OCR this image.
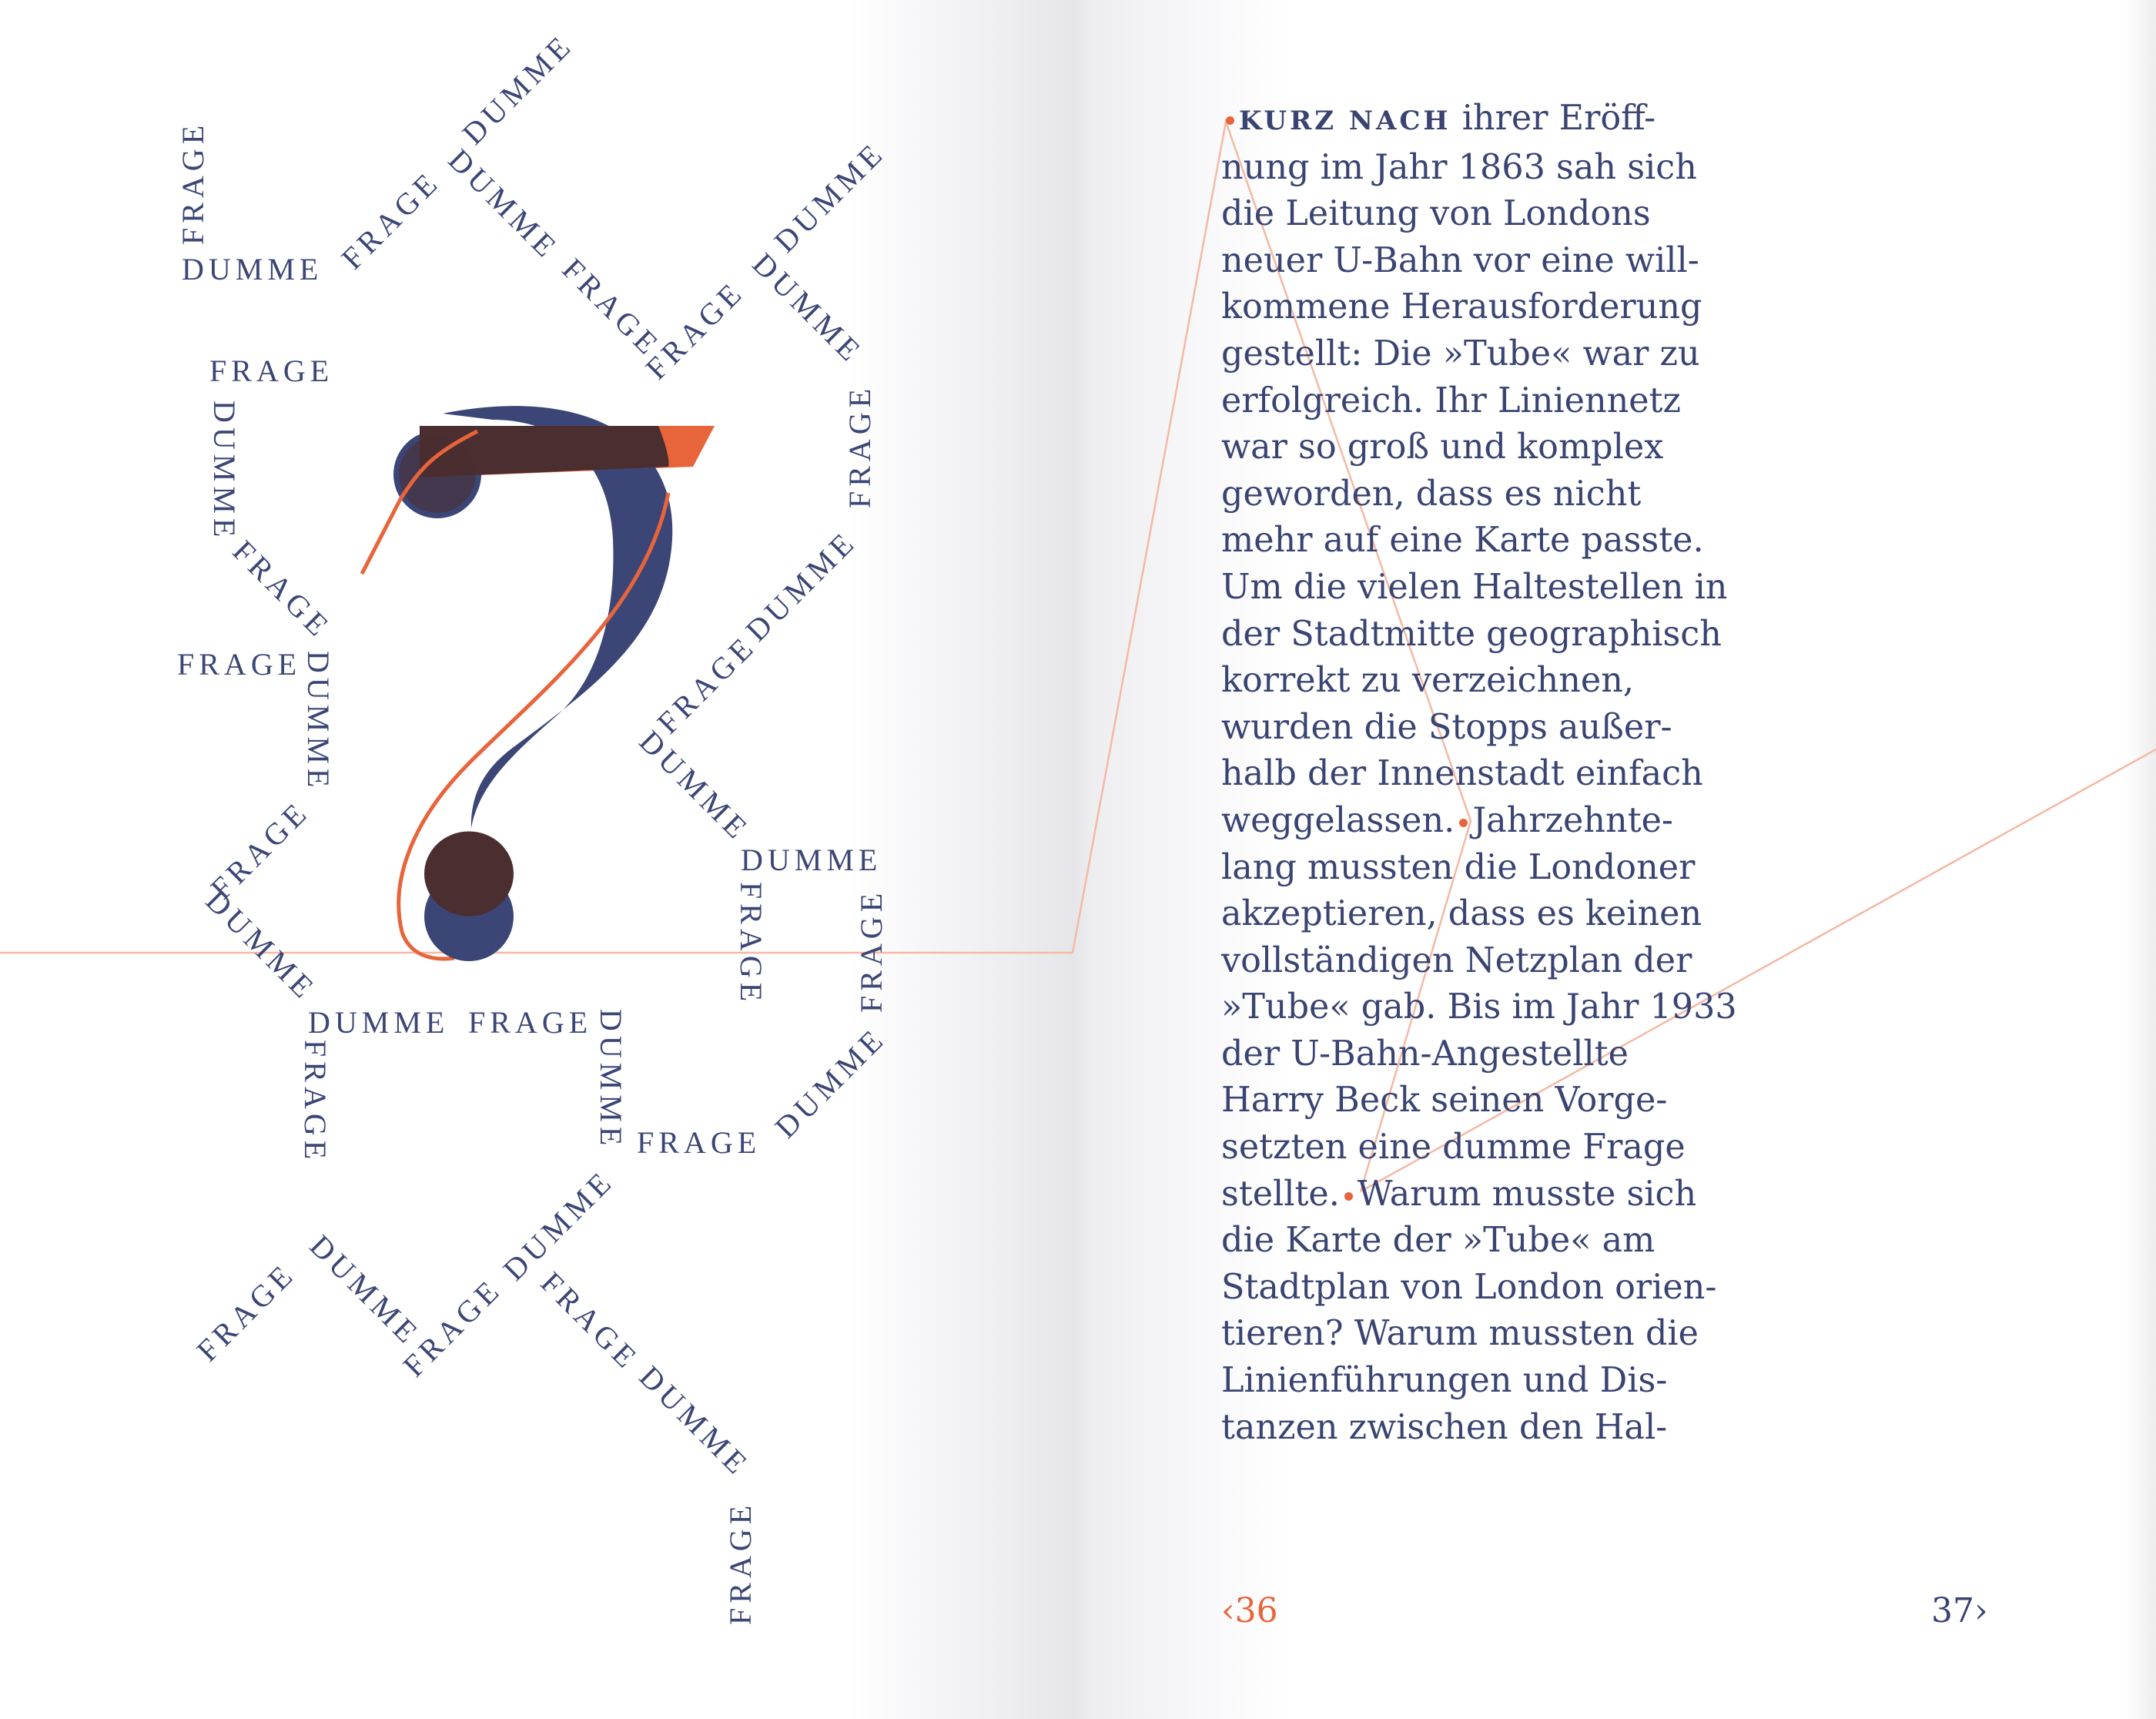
FRAGE
DUMME FRAGE
DUMME
DUMME
FRAGE
FRAGE
DUMME
DUMME
FRAGE
DUMME
FRAGE
DUMME
DUMME
FRAGE	FRAGE
DUMME
FRAGE
DUMME
DUMME FRAGE
FRAGE
DUMME
FRAGE
DUMME
FRAGE
FRAGE
DUMME
FRAGE
FRAGE DUMME
FRAGE
DUMME
FRAGE
DUMME
FRAGE
KURZ NACH ihrer Eröff-
nung im Jahr 1863 sah sich
die Leitung von Londons
neuer U-Bahn vor eine will-
kommene Herausforderung
gestellt: Die »Tube« war zu
erfolgreich. Ihr Liniennetz
war so groß und komplex
geworden, dass es nicht
mehr auf eine Karte passte.
Um die vielen Haltestellen in
der Stadtmitte geographisch
korrekt zu verzeichnen,
wurden die Stopps außer-
halb der Innenstadt einfach
weggelassen. Jahrzehnte-
lang mussten die Londoner
akzeptieren, dass es keinen
vollständigen Netzplan der
»Tube« gab. Bis im Jahr 1933
der U-Bahn-Angestellte
Harry Beck seinen Vorge-
setzten eine dumme Frage
stellte. Warum musste sich
die Karte der »Tube« am
Stadtplan von London orien-
tieren? Warum mussten die
Linienführungen und Dis-
tanzen zwischen den Hal-
‹36	37›
